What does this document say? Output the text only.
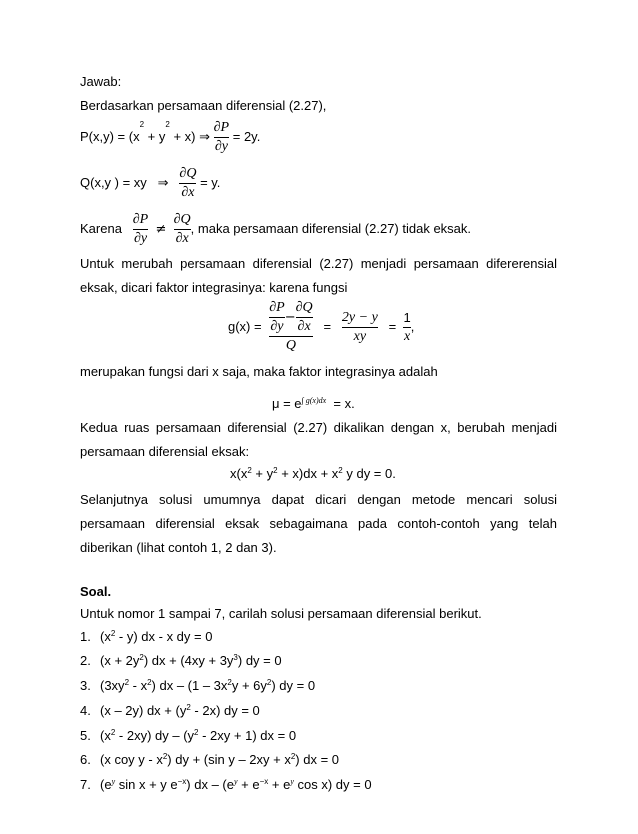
Jawab:
Berdasarkan persamaan diferensial (2.27),
$P(x,y) = (x^2 + y^2 + x)$ ⇒ $\frac{\partial P}{\partial y} = 2y$.
Q(x,y ) = xy ⇒ $\frac{\partial Q}{\partial x} = y$.
Karena $\frac{\partial P}{\partial y} \ne \frac{\partial Q}{\partial x}$ , maka persamaan diferensial (2.27) tidak eksak.
Untuk merubah persamaan diferensial (2.27) menjadi persamaan difererensial
eksak, dicari faktor integrasinya: karena fungsi
$g(x) = \frac{\partial P}{\partial y} - \frac{\partial Q}{\partial x}$
Q
= $\frac{2y - y}{xy} = \frac{1}{x}$ ,
merupakan fungsi dari x saja, maka faktor integrasinya adalah
$\mu = e^{\int g(x)dx} = x$.
Kedua ruas persamaan diferensial (2.27) dikalikan dengan x, berubah menjadi
persamaan diferensial eksak:
$x(x^2 + y^2 + x)dx + x^2$ y dy = 0.
Selanjutnya solusi umumnya dapat dicari dengan metode mencari solusi
persamaan diferensial eksak sebagaimana pada contoh-contoh yang telah
diberikan (lihat contoh 1, 2 dan 3).
Soal.
Untuk nomor 1 sampai 7, carilah solusi persamaan diferensial berikut.
1. $(x^2 - y)$ dx - x dy = 0
2. $(x + 2y^2)$ dx + $(4xy + 3y^3)$ dy = 0
3. $(3xy^2 - x^2)$ dx – $(1 - 3x^2y + 6y^2)$ dy = 0
4. (x – 2y) dx + $(y^2 - 2x)$ dy = 0
5. $(x^2 - 2xy)$ dy – $(y^2 - 2xy + 1)$ dx = 0
6. (x coy y - $x^2$) dy + (sin $y - 2xy + x^2$) dx = 0
7. ($e^y$ sin x + y $e^{-x}$) dx – ($e^y + e^{-x} + e^y$ cos x) dy = 0
